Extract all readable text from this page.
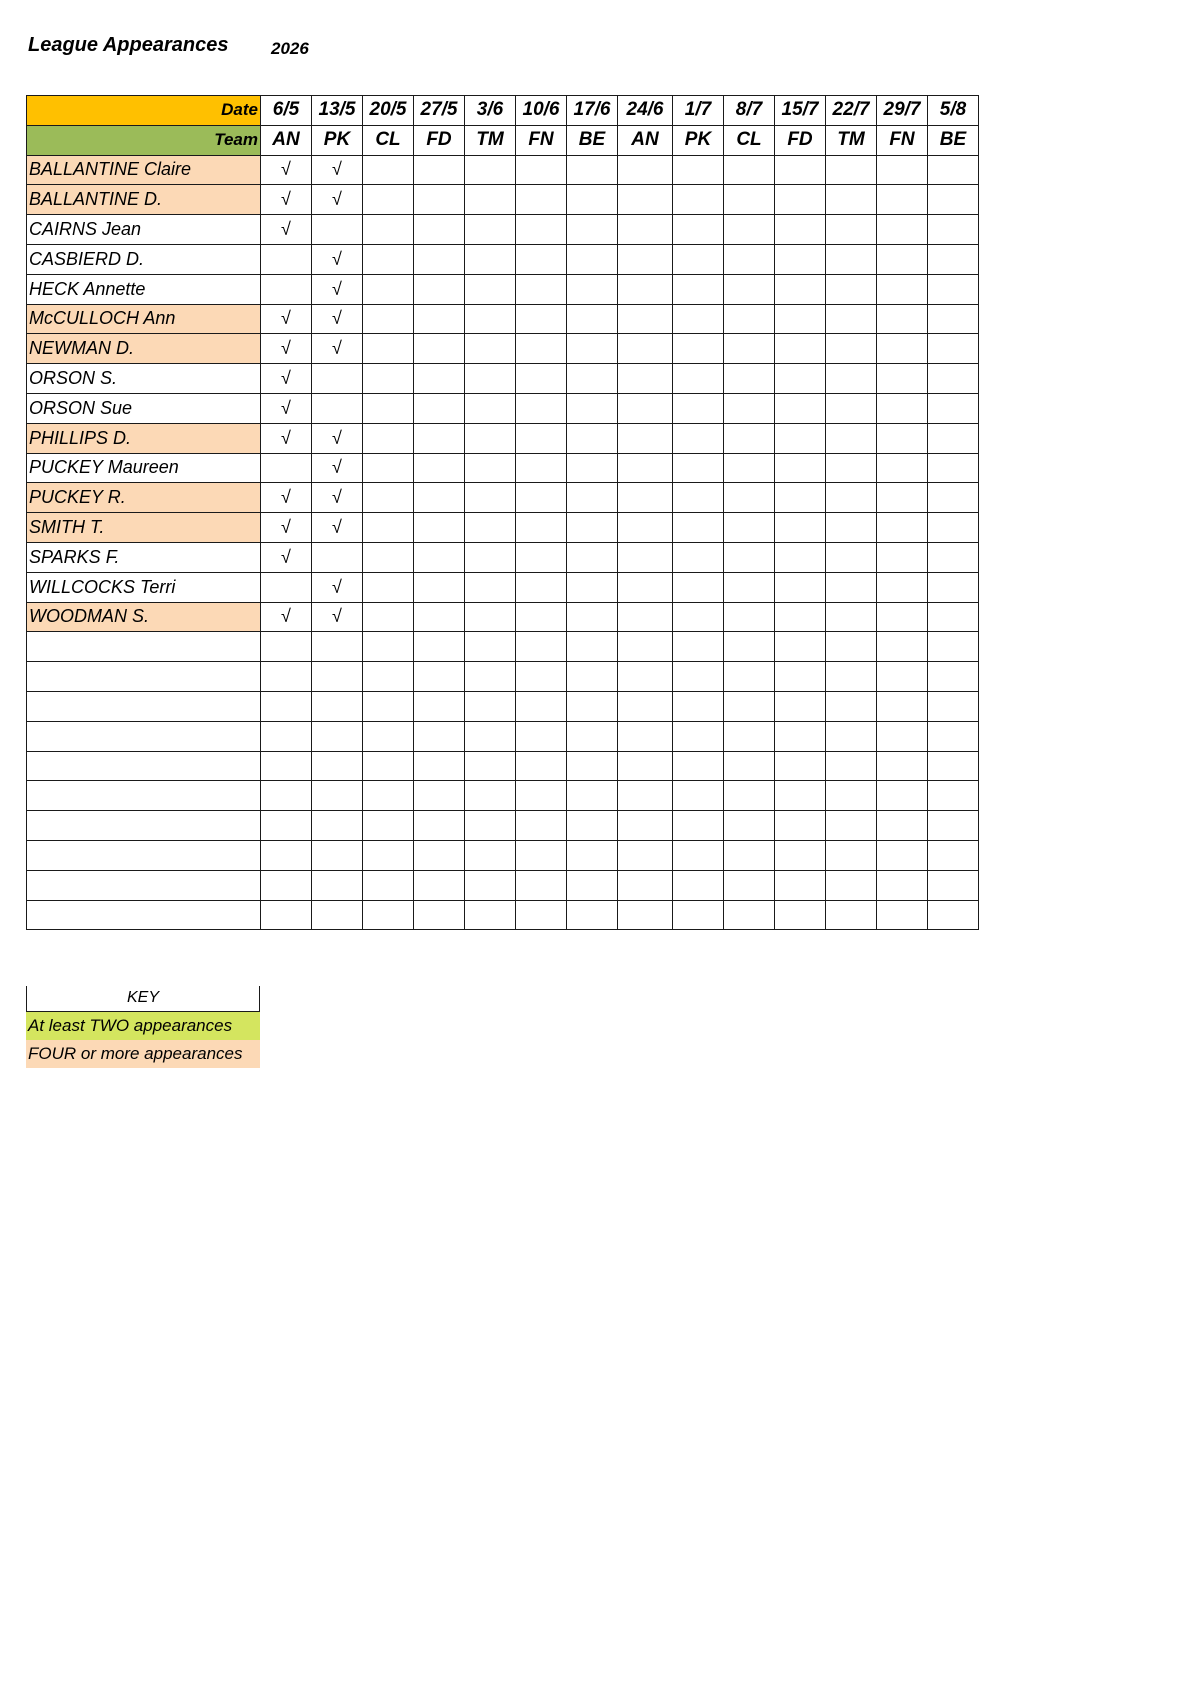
League Appearances	2026
Date	6/5	13/5	20/5	27/5	3/6	10/6	17/6	24/6	1/7	8/7	15/7	22/7	29/7	5/8
Team	AN	PK	CL	FD	TM	FN	BE	AN	PK	CL	FD	TM	FN	BE
BALLANTINE Claire	√	√												
BALLANTINE D.	√	√												
CAIRNS Jean	√													
CASBIERD D.		√												
HECK Annette		√												
McCULLOCH Ann	√	√												
NEWMAN D.	√	√												
ORSON S.	√													
ORSON Sue	√													
PHILLIPS D.	√	√												
PUCKEY Maureen		√												
PUCKEY R.	√	√												
SMITH T.	√	√												
SPARKS F.	√													
WILLCOCKS Terri		√												
WOODMAN S.	√	√												

KEY
At least TWO appearances
FOUR or more appearances
